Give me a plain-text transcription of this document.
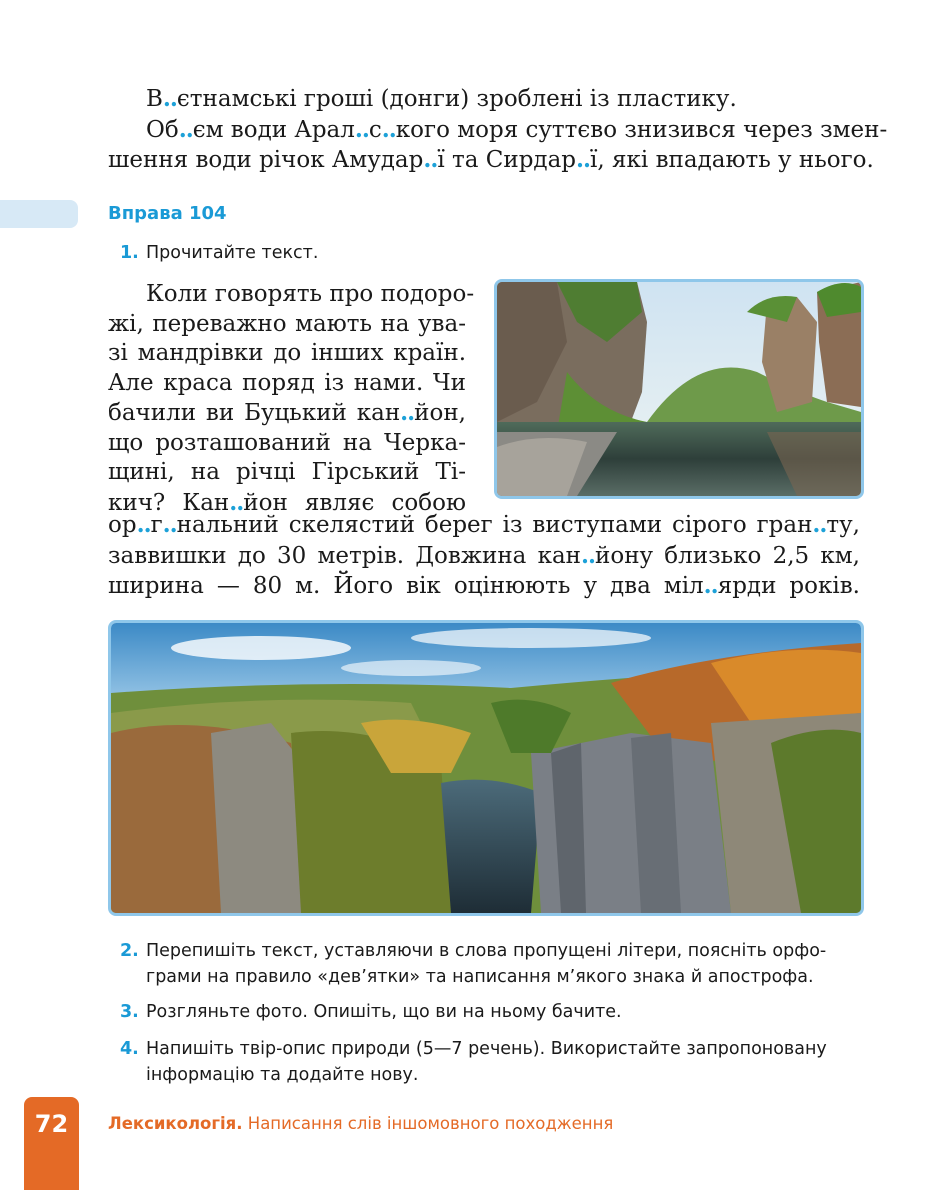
В..єтнамські гроші (донги) зроблені із пластику.
Об..єм води Арал..с..кого моря суттєво знизився через змен-
шення води річок Амудар..ї та Сирдар..ї, які впадають у нього.
Вправа 104
1. Прочитайте текст.
Коли говорять про подоро-
жі, переважно мають на ува-
зі мандрівки до інших країн.
Але краса поряд із нами. Чи
бачили ви Буцький кан..йон,
що розташований на Черка-
щині, на річці Гірський Ті-
кич? Кан..йон являє собою
ор..г..нальний скелястий берег із виступами сірого гран..ту,
заввишки до 30 метрів. Довжина кан..йону близько 2,5 км,
ширина — 80 м. Його вік оцінюють у два міл..ярди років.
2. Перепишіть текст, уставляючи в слова пропущені літери, поясніть орфо-
грами на правило «дев’ятки» та написання м’якого знака й апострофа.
3. Розгляньте фото. Опишіть, що ви на ньому бачите.
4. Напишіть твір-опис природи (5—7 речень). Використайте запропоновану
інформацію та додайте нову.
72	Лексикологія. Написання слів іншомовного походження
